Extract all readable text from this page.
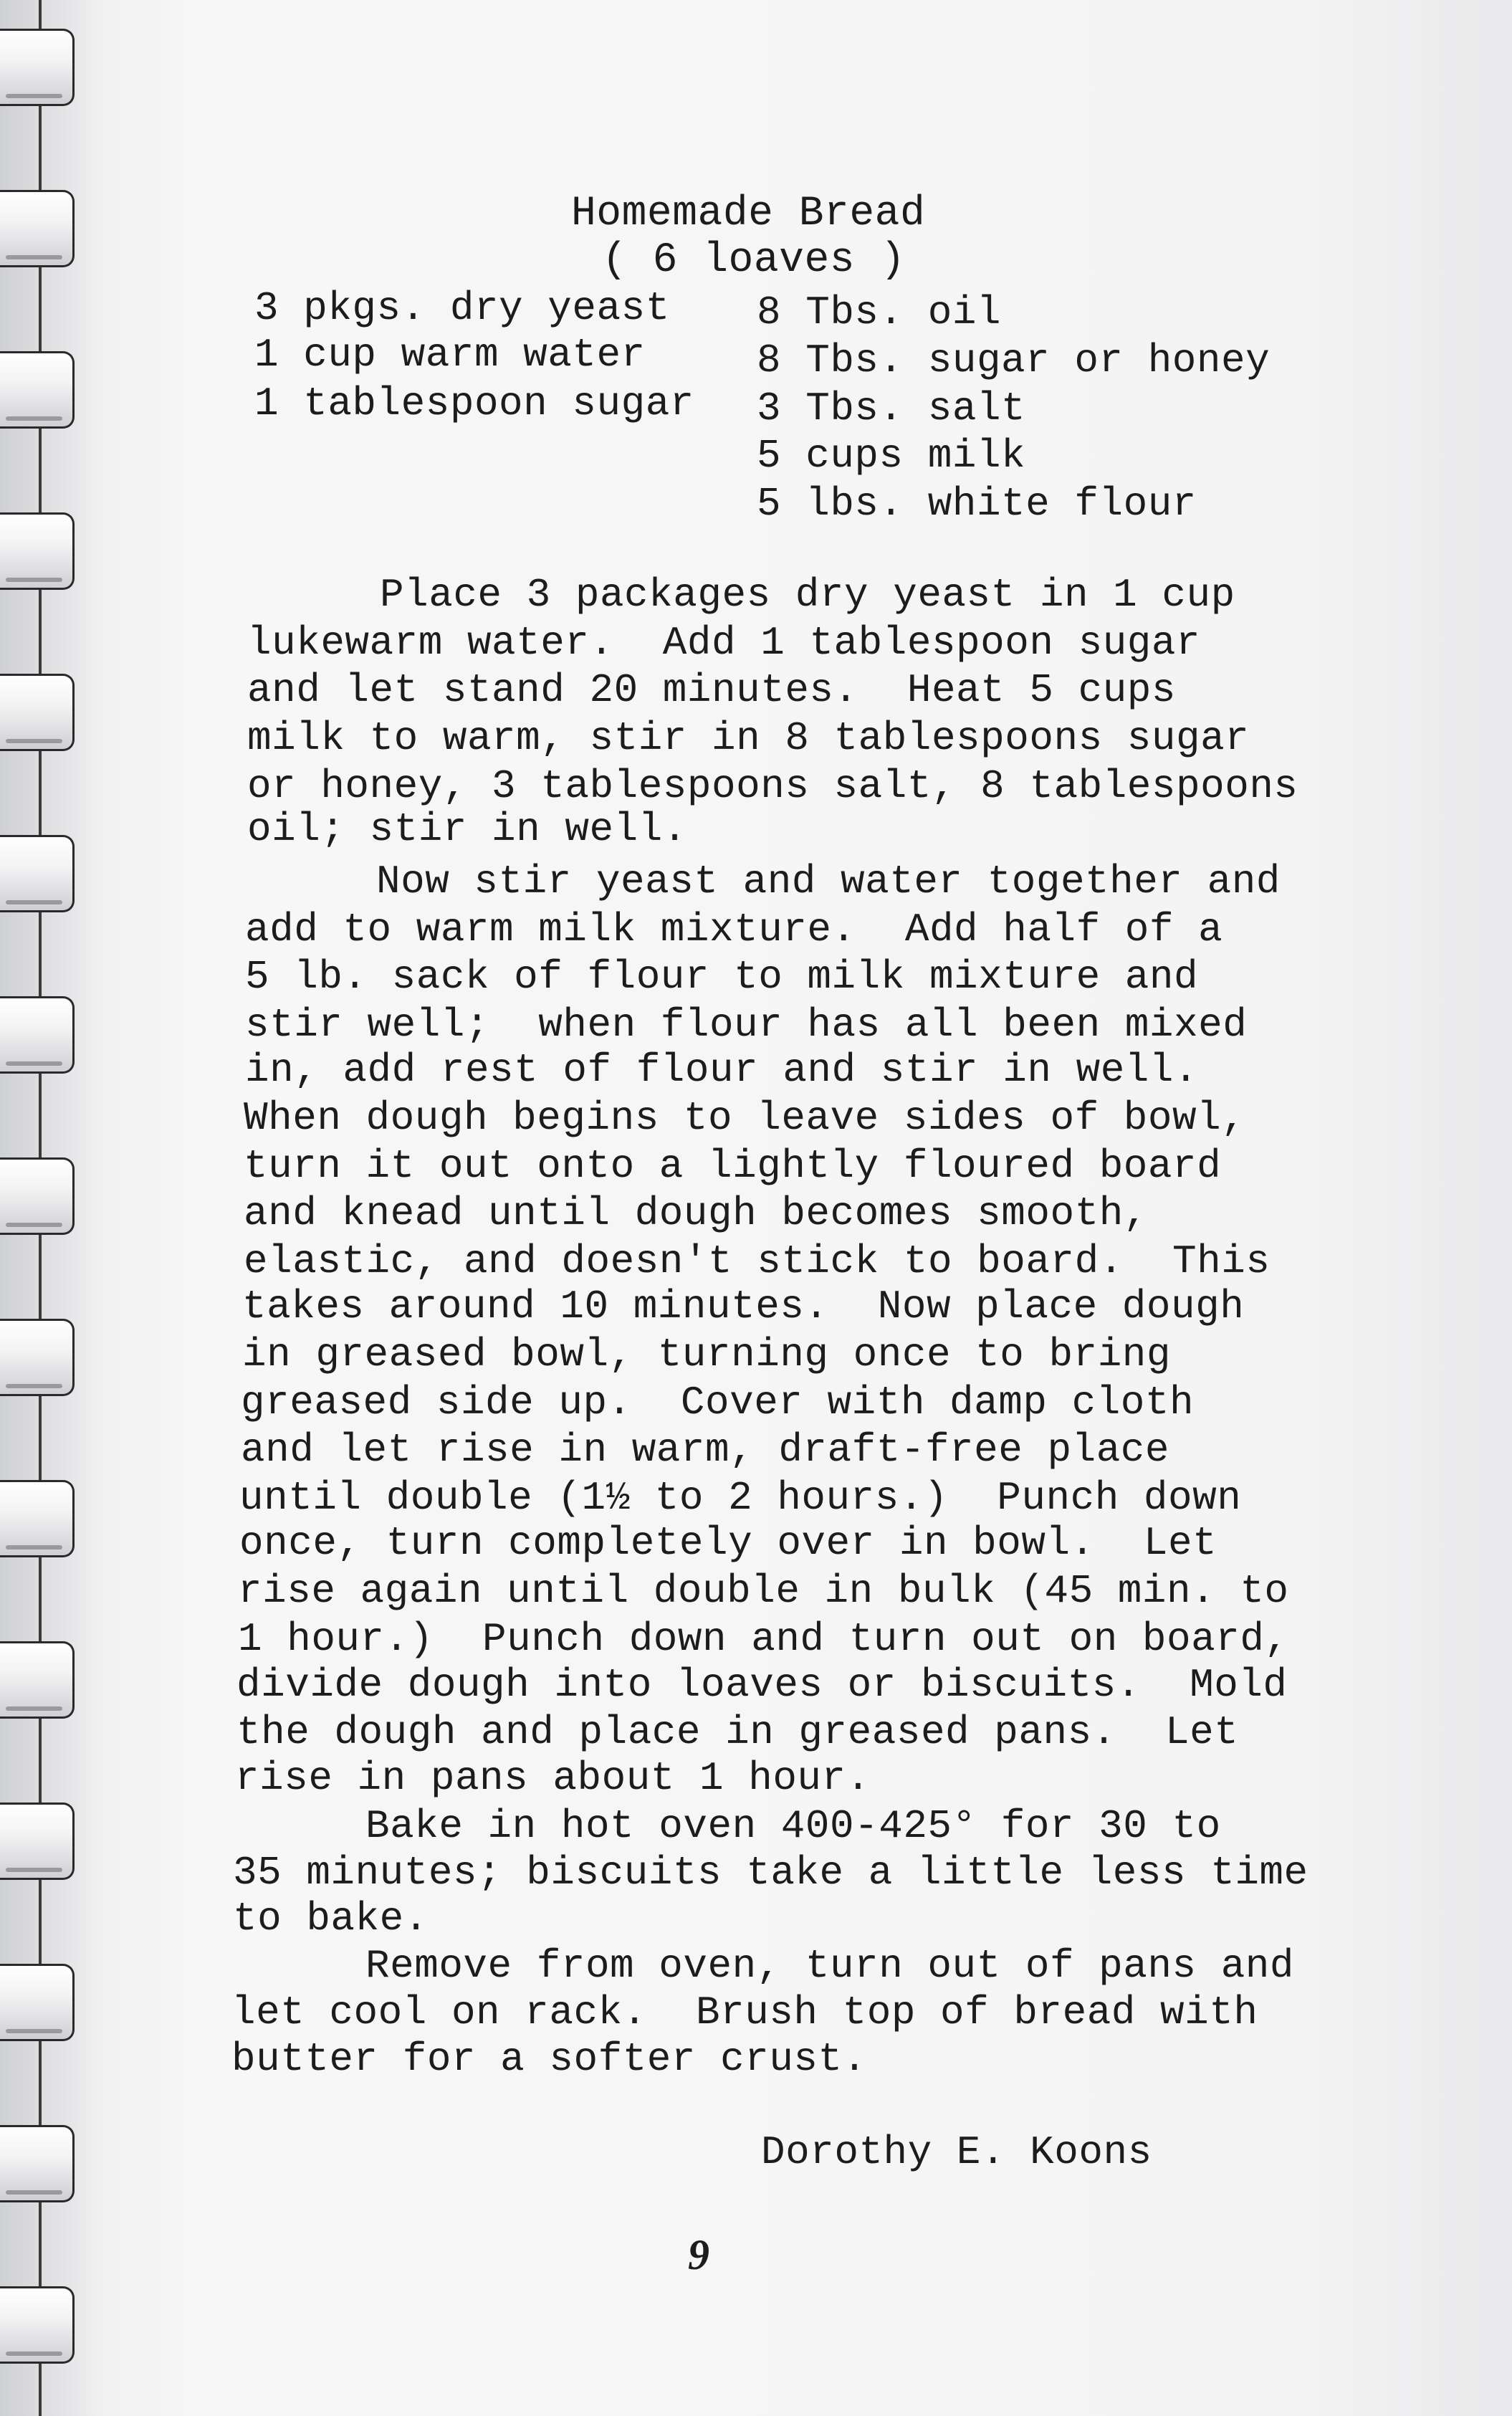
Homemade Bread
( 6 loaves )
3 pkgs. dry yeast
1 cup warm water
1 tablespoon sugar
8 Tbs. oil
8 Tbs. sugar or honey
3 Tbs. salt
5 cups milk
5 lbs. white flour
Place 3 packages dry yeast in 1 cup
lukewarm water.  Add 1 tablespoon sugar
and let stand 20 minutes.  Heat 5 cups
milk to warm, stir in 8 tablespoons sugar
or honey, 3 tablespoons salt, 8 tablespoons
oil; stir in well.
Now stir yeast and water together and
add to warm milk mixture.  Add half of a
5 lb. sack of flour to milk mixture and
stir well;  when flour has all been mixed
in, add rest of flour and stir in well.
When dough begins to leave sides of bowl,
turn it out onto a lightly floured board
and knead until dough becomes smooth,
elastic, and doesn't stick to board.  This
takes around 10 minutes.  Now place dough
in greased bowl, turning once to bring
greased side up.  Cover with damp cloth
and let rise in warm, draft-free place
until double (1½ to 2 hours.)  Punch down
once, turn completely over in bowl.  Let
rise again until double in bulk (45 min. to
1 hour.)  Punch down and turn out on board,
divide dough into loaves or biscuits.  Mold
the dough and place in greased pans.  Let
rise in pans about 1 hour.
Bake in hot oven 400-425° for 30 to
35 minutes; biscuits take a little less time
to bake.
Remove from oven, turn out of pans and
let cool on rack.  Brush top of bread with
butter for a softer crust.
Dorothy E. Koons
9
